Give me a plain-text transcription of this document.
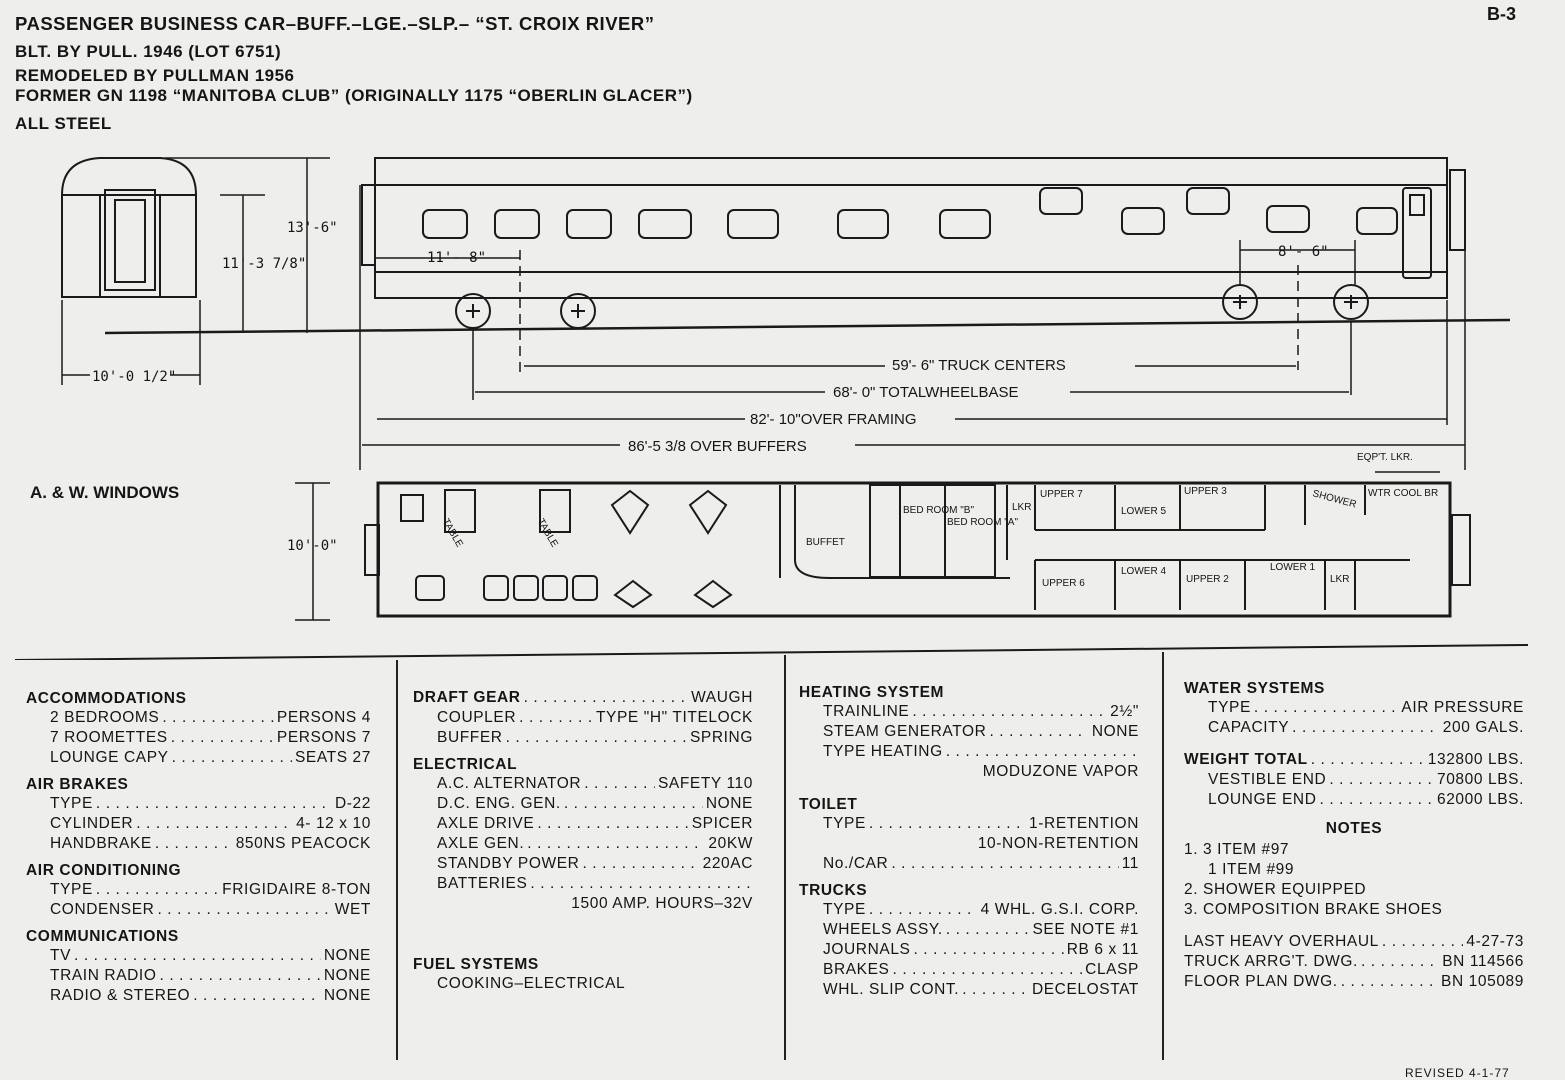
PASSENGER BUSINESS CAR–BUFF.–LGE.–SLP.– “ST. CROIX RIVER”
BLT. BY PULL. 1946 (LOT 6751)
REMODELED BY PULLMAN 1956
FORMER GN 1198 “MANITOBA CLUB” (ORIGINALLY 1175 “OBERLIN GLACER”)
ALL STEEL
B-3
10'-0 1/2"
11'-3 7/8"
13'-6"
11'- 8"	8'- 6"
59'- 6" TRUCK CENTERS
68'- 0" TOTALWHEELBASE
82'- 10"OVER FRAMING
86'-5 3/8 OVER BUFFERS
A. & W. WINDOWS
10'-0"	TABLE	TABLE	BUFFET
BED ROOM "B"
BED ROOM "A"
LKR
UPPER 7
LOWER 5
UPPER 3	SHOWER WTR COOL BR
EQP'T. LKR.
UPPER 6
LOWER 4
UPPER 2
LOWER 1
LKR
ACCOMMODATIONS
2 BEDROOMS . . .	PERSONS 4
7 ROOMETTES . . .	PERSONS 7
LOUNGE CAPY . . .	SEATS 27
AIR BRAKES
TYPE . . .	D-22
CYLINDER . . .	4- 12 x 10
HANDBRAKE . . .	850NS PEACOCK
AIR CONDITIONING
TYPE . . .	FRIGIDAIRE 8-TON
CONDENSER . . .	WET
COMMUNICATIONS
TV . . .	NONE
TRAIN RADIO . . .	NONE
RADIO & STEREO . . .	NONE
DRAFT GEAR . . .	WAUGH
COUPLER . . .	TYPE "H" TITELOCK
BUFFER . . .	SPRING
ELECTRICAL
A.C. ALTERNATOR . . .	SAFETY 110
D.C. ENG. GEN. . . .	NONE
AXLE DRIVE . . .	SPICER
AXLE GEN. . . .	20KW
STANDBY POWER . . .	220AC
BATTERIES
. . .
1500 AMP. HOURS–32V
FUEL SYSTEMS
COOKING–ELECTRICAL
HEATING SYSTEM
TRAINLINE . . .	2½"
STEAM GENERATOR . . .	NONE
TYPE HEATING
. . .
MODUZONE VAPOR
TOILET
TYPE . . .	1-RETENTION
10-NON-RETENTION
No./CAR . . .	11
TRUCKS
TYPE . . .	4 WHL. G.S.I. CORP.
WHEELS ASSY. . . .	SEE NOTE #1
JOURNALS . . .	RB 6 x 11
BRAKES . . .	CLASP
WHL. SLIP CONT. . . .	DECELOSTAT
WATER SYSTEMS
TYPE . . .	AIR PRESSURE
CAPACITY . . .	200 GALS.
WEIGHT TOTAL . . .	132800 LBS.
VESTIBLE END . . .	70800 LBS.
LOUNGE END . . .	62000 LBS.
NOTES
1. 3 ITEM #97
1 ITEM #99
2. SHOWER EQUIPPED
3. COMPOSITION BRAKE SHOES
LAST HEAVY OVERHAUL . . .	4-27-73
TRUCK ARRG'T. DWG. . . .	BN 114566
FLOOR PLAN DWG. . . .	BN 105089
REVISED 4-1-77
